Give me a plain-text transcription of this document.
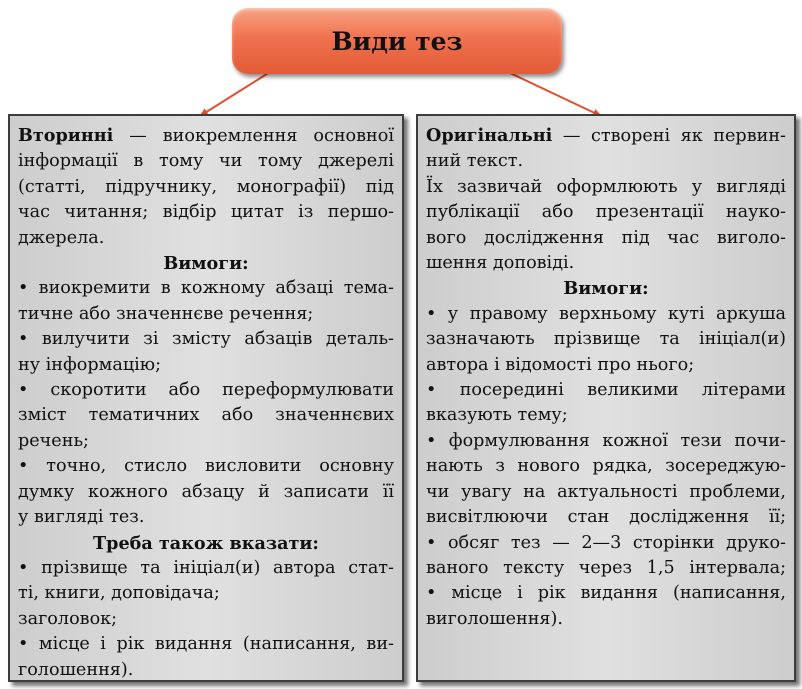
Види тез
Вторинні — виокремлення основної
інформації в тому чи тому джерелі
(статті, підручнику, монографії) під
час читання; відбір цитат із першо-
джерела.
Вимоги:
• виокремити в кожному абзаці тема-
тичне або значеннєве речення;
• вилучити зі змісту абзаців деталь-
ну інформацію;
• скоротити або переформулювати
зміст тематичних або значеннєвих
речень;
• точно, стисло висловити основну
думку кожного абзацу й записати її
у вигляді тез.
Треба також вказати:
• прізвище та ініціал(и) автора стат-
ті, книги, доповідача;
заголовок;
• місце і рік видання (написання, ви-
голошення).
Оригінальні — створені як первин-
ний текст.
Їх зазвичай оформлюють у вигляді
публікації або презентації науко-
вого дослідження під час виголо-
шення доповіді.
Вимоги:
• у правому верхньому куті аркуша
зазначають прізвище та ініціал(и)
автора і відомості про нього;
• посередині великими літерами
вказують тему;
• формулювання кожної тези почи-
нають з нового рядка, зосереджую-
чи увагу на актуальності проблеми,
висвітлюючи стан дослідження її;
• обсяг тез — 2—3 сторінки друко-
ваного тексту через 1,5 інтервала;
• місце і рік видання (написання,
виголошення).
